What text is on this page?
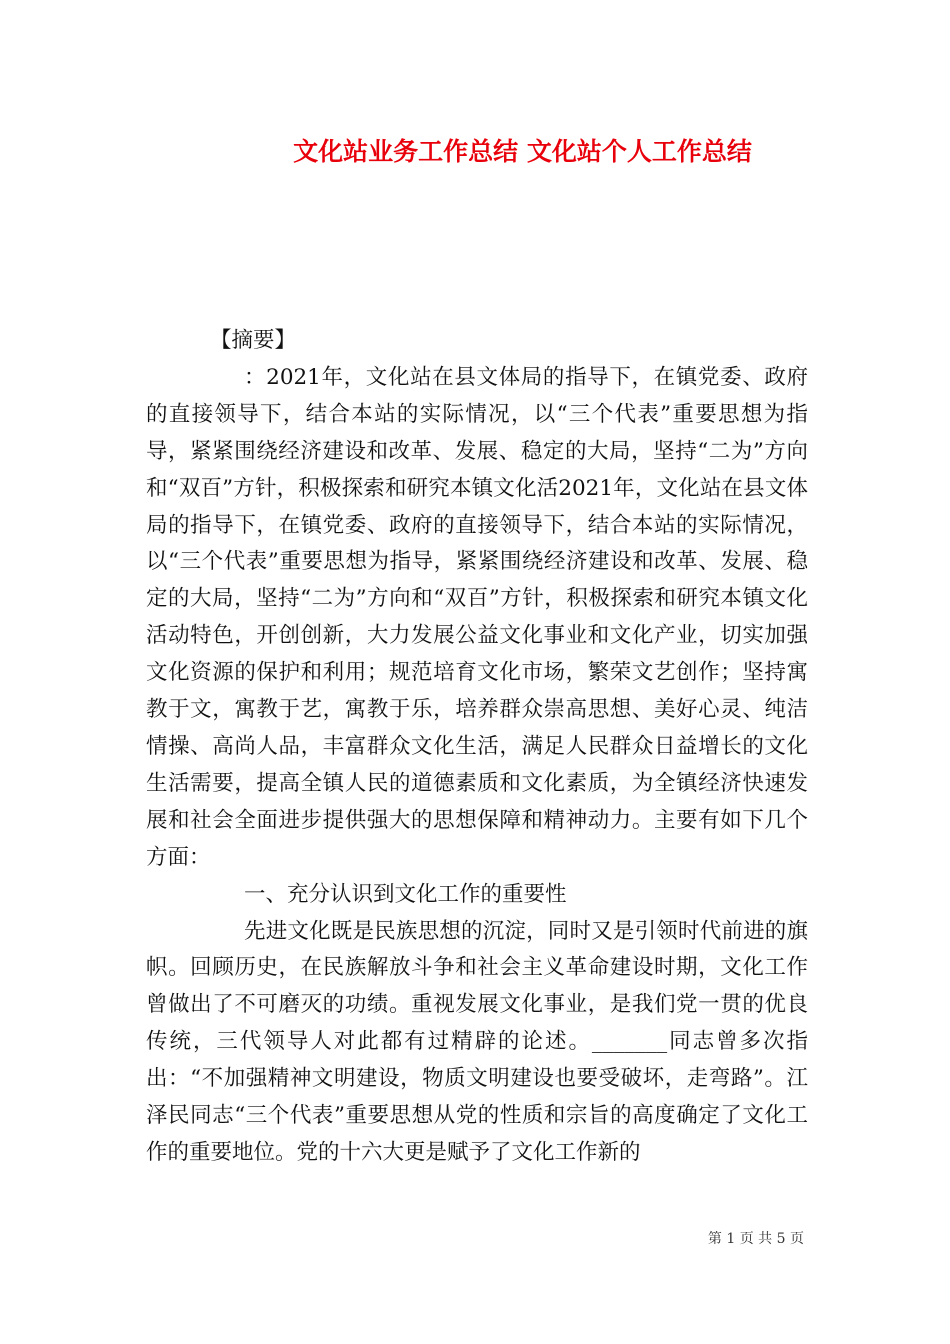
文化站业务工作总结 文化站个人工作总结

【摘要】

：2021年，文化站在县文体局的指导下，在镇党委、政府的直接领导下，结合本站的实际情况，以“三个代表”重要思想为指导，紧紧围绕经济建设和改革、发展、稳定的大局，坚持“二为”方向和“双百”方针，积极探索和研究本镇文化活2021年，文化站在县文体局的指导下，在镇党委、政府的直接领导下，结合本站的实际情况，以“三个代表”重要思想为指导，紧紧围绕经济建设和改革、发展、稳定的大局，坚持“二为”方向和“双百”方针，积极探索和研究本镇文化活动特色，开创创新，大力发展公益文化事业和文化产业，切实加强文化资源的保护和利用；规范培育文化市场，繁荣文艺创作；坚持寓教于文，寓教于艺，寓教于乐，培养群众崇高思想、美好心灵、纯洁情操、高尚人品，丰富群众文化生活，满足人民群众日益增长的文化生活需要，提高全镇人民的道德素质和文化素质，为全镇经济快速发展和社会全面进步提供强大的思想保障和精神动力。主要有如下几个方面：

一、充分认识到文化工作的重要性

先进文化既是民族思想的沉淀，同时又是引领时代前进的旗帜。回顾历史，在民族解放斗争和社会主义革命建设时期，文化工作曾做出了不可磨灭的功绩。重视发展文化事业，是我们党一贯的优良传统，三代领导人对此都有过精辟的论述。_______同志曾多次指出：“不加强精神文明建设，物质文明建设也要受破坏，走弯路”。江泽民同志“三个代表”重要思想从党的性质和宗旨的高度确定了文化工作的重要地位。党的十六大更是赋予了文化工作新的

第 1 页 共 5 页
